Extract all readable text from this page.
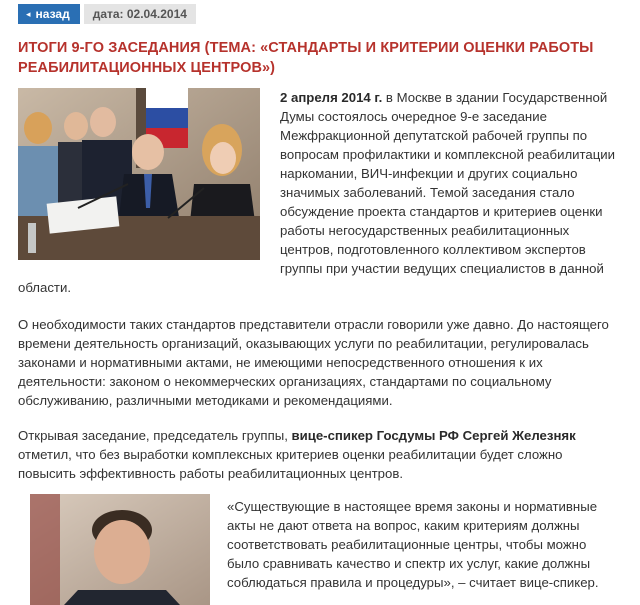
◂ назад	дата: 02.04.2014
ИТОГИ 9-ГО ЗАСЕДАНИЯ (ТЕМА: «СТАНДАРТЫ И КРИТЕРИИ ОЦЕНКИ РАБОТЫ РЕАБИЛИТАЦИОННЫХ ЦЕНТРОВ»)

2 апреля 2014 г. в Москве в здании Государственной Думы состоялось очередное 9-е заседание Межфракционной депутатской рабочей группы по вопросам профилактики и комплексной реабилитации наркомании, ВИЧ-инфекции и других социально значимых заболеваний. Темой заседания стало обсуждение проекта стандартов и критериев оценки работы негосударственных реабилитационных центров, подготовленного коллективом экспертов группы при участии ведущих специалистов в данной области.

О необходимости таких стандартов представители отрасли говорили уже давно. До настоящего времени деятельность организаций, оказывающих услуги по реабилитации, регулировалась законами и нормативными актами, не имеющими непосредственного отношения к их деятельности: законом о некоммерческих организациях, стандартами по социальному обслуживанию, различными методиками и рекомендациями.

Открывая заседание, председатель группы, вице-спикер Госдумы РФ Сергей Железняк отметил, что без выработки комплексных критериев оценки реабилитации будет сложно повысить эффективность работы реабилитационных центров.

«Существующие в настоящее время законы и нормативные акты не дают ответа на вопрос, каким критериям должны соответствовать реабилитационные центры, чтобы можно было сравнивать качество и спектр их услуг, какие должны соблюдаться правила и процедуры», – считает вице-спикер.
